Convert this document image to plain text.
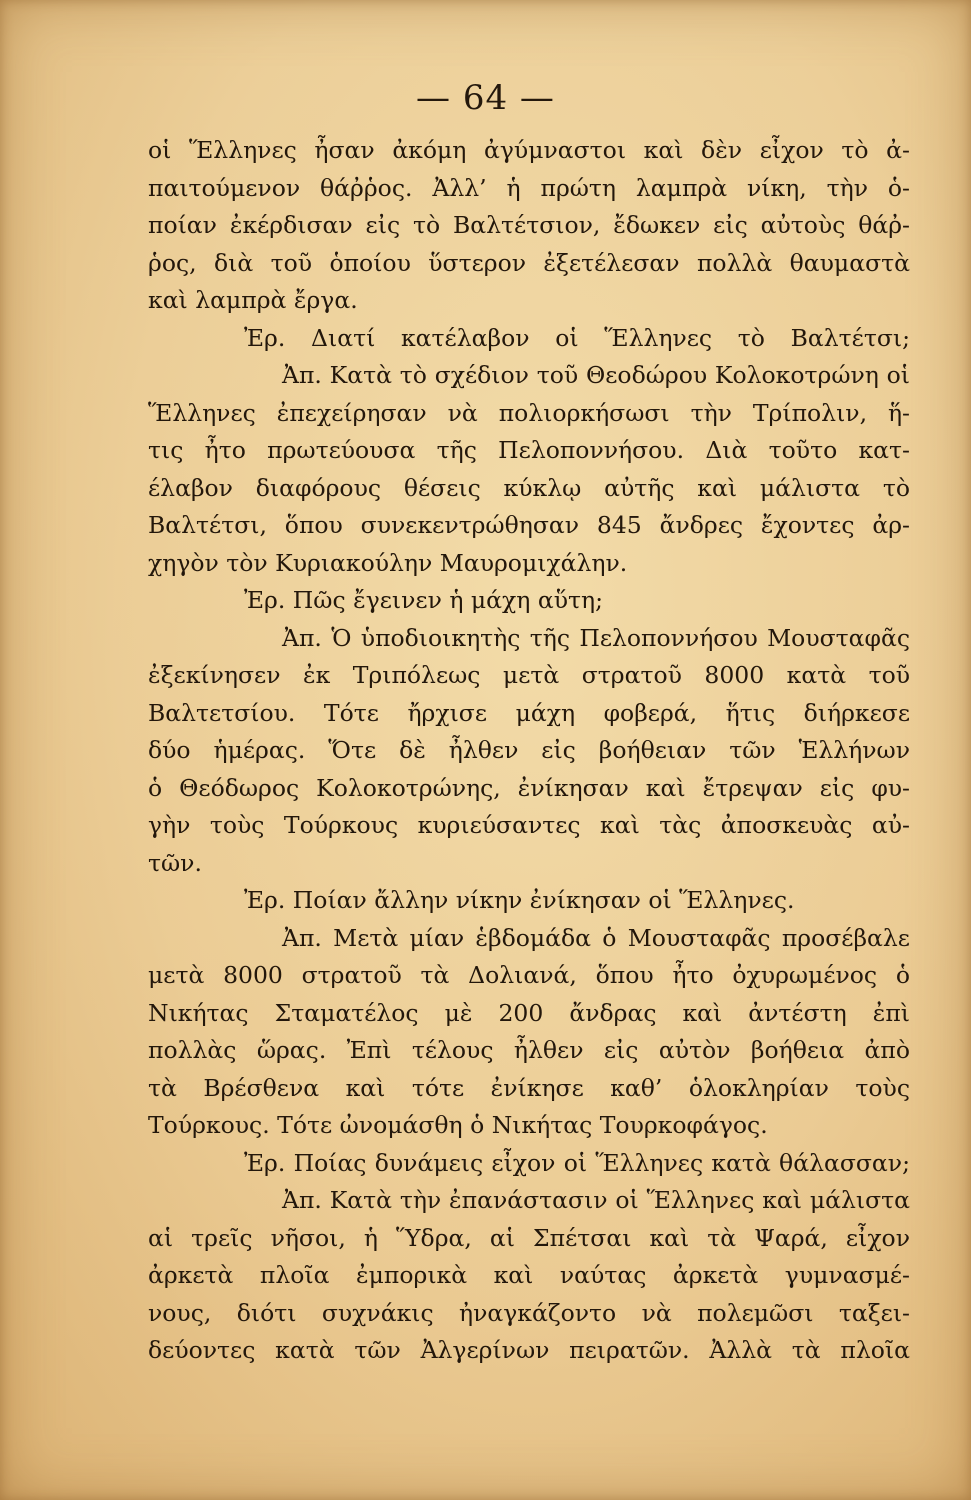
— 64 —
οἱ Ἕλληνες ἦσαν ἀκόμη ἀγύμναστοι καὶ δὲν εἶχον τὸ ἀ-
παιτούμενον θάῤῥος. Ἀλλ’ ἡ πρώτη λαμπρὰ νίκη, τὴν ὁ-
ποίαν ἐκέρδισαν εἰς τὸ Βαλτέτσιον, ἔδωκεν εἰς αὐτοὺς θάῤ-
ῥος, διὰ τοῦ ὁποίου ὕστερον ἐξετέλεσαν πολλὰ θαυμαστὰ
καὶ λαμπρὰ ἔργα.
Ἐρ. Διατί κατέλαβον οἱ Ἕλληνες τὸ Βαλτέτσι;
Ἀπ. Κατὰ τὸ σχέδιον τοῦ Θεοδώρου Κολοκοτρώνη οἱ
Ἕλληνες ἐπεχείρησαν νὰ πολιορκήσωσι τὴν Τρίπολιν, ἥ-
τις ἦτο πρωτεύουσα τῆς Πελοποννήσου. Διὰ τοῦτο κατ-
έλαβον διαφόρους θέσεις κύκλῳ αὐτῆς καὶ μάλιστα τὸ
Βαλτέτσι, ὅπου συνεκεντρώθησαν 845 ἄνδρες ἔχοντες ἀρ-
χηγὸν τὸν Κυριακούλην Μαυρομιχάλην.
Ἐρ. Πῶς ἔγεινεν ἡ μάχη αὕτη;
Ἀπ. Ὁ ὑποδιοικητὴς τῆς Πελοποννήσου Μουσταφᾶς
ἐξεκίνησεν ἐκ Τριπόλεως μετὰ στρατοῦ 8000 κατὰ τοῦ
Βαλτετσίου. Τότε ἤρχισε μάχη φοβερά, ἥτις διήρκεσε
δύο ἡμέρας. Ὅτε δὲ ἦλθεν εἰς βοήθειαν τῶν Ἑλλήνων
ὁ Θεόδωρος Κολοκοτρώνης, ἐνίκησαν καὶ ἔτρεψαν εἰς φυ-
γὴν τοὺς Τούρκους κυριεύσαντες καὶ τὰς ἀποσκευὰς αὐ-
τῶν.
Ἐρ. Ποίαν ἄλλην νίκην ἐνίκησαν οἱ Ἕλληνες.
Ἀπ. Μετὰ μίαν ἑβδομάδα ὁ Μουσταφᾶς προσέβαλε
μετὰ 8000 στρατοῦ τὰ Δολιανά, ὅπου ἦτο ὀχυρωμένος ὁ
Νικήτας Σταματέλος μὲ 200 ἄνδρας καὶ ἀντέστη ἐπὶ
πολλὰς ὥρας. Ἐπὶ τέλους ἦλθεν εἰς αὐτὸν βοήθεια ἀπὸ
τὰ Βρέσθενα καὶ τότε ἐνίκησε καθ’ ὁλοκληρίαν τοὺς
Τούρκους. Τότε ὠνομάσθη ὁ Νικήτας Τουρκοφάγος.
Ἐρ. Ποίας δυνάμεις εἶχον οἱ Ἕλληνες κατὰ θάλασσαν;
Ἀπ. Κατὰ τὴν ἐπανάστασιν οἱ Ἕλληνες καὶ μάλιστα
αἱ τρεῖς νῆσοι, ἡ Ὕδρα, αἱ Σπέτσαι καὶ τὰ Ψαρά, εἶχον
ἀρκετὰ πλοῖα ἐμπορικὰ καὶ ναύτας ἀρκετὰ γυμνασμέ-
νους, διότι συχνάκις ἠναγκάζοντο νὰ πολεμῶσι ταξει-
δεύοντες κατὰ τῶν Ἀλγερίνων πειρατῶν. Ἀλλὰ τὰ πλοῖα
